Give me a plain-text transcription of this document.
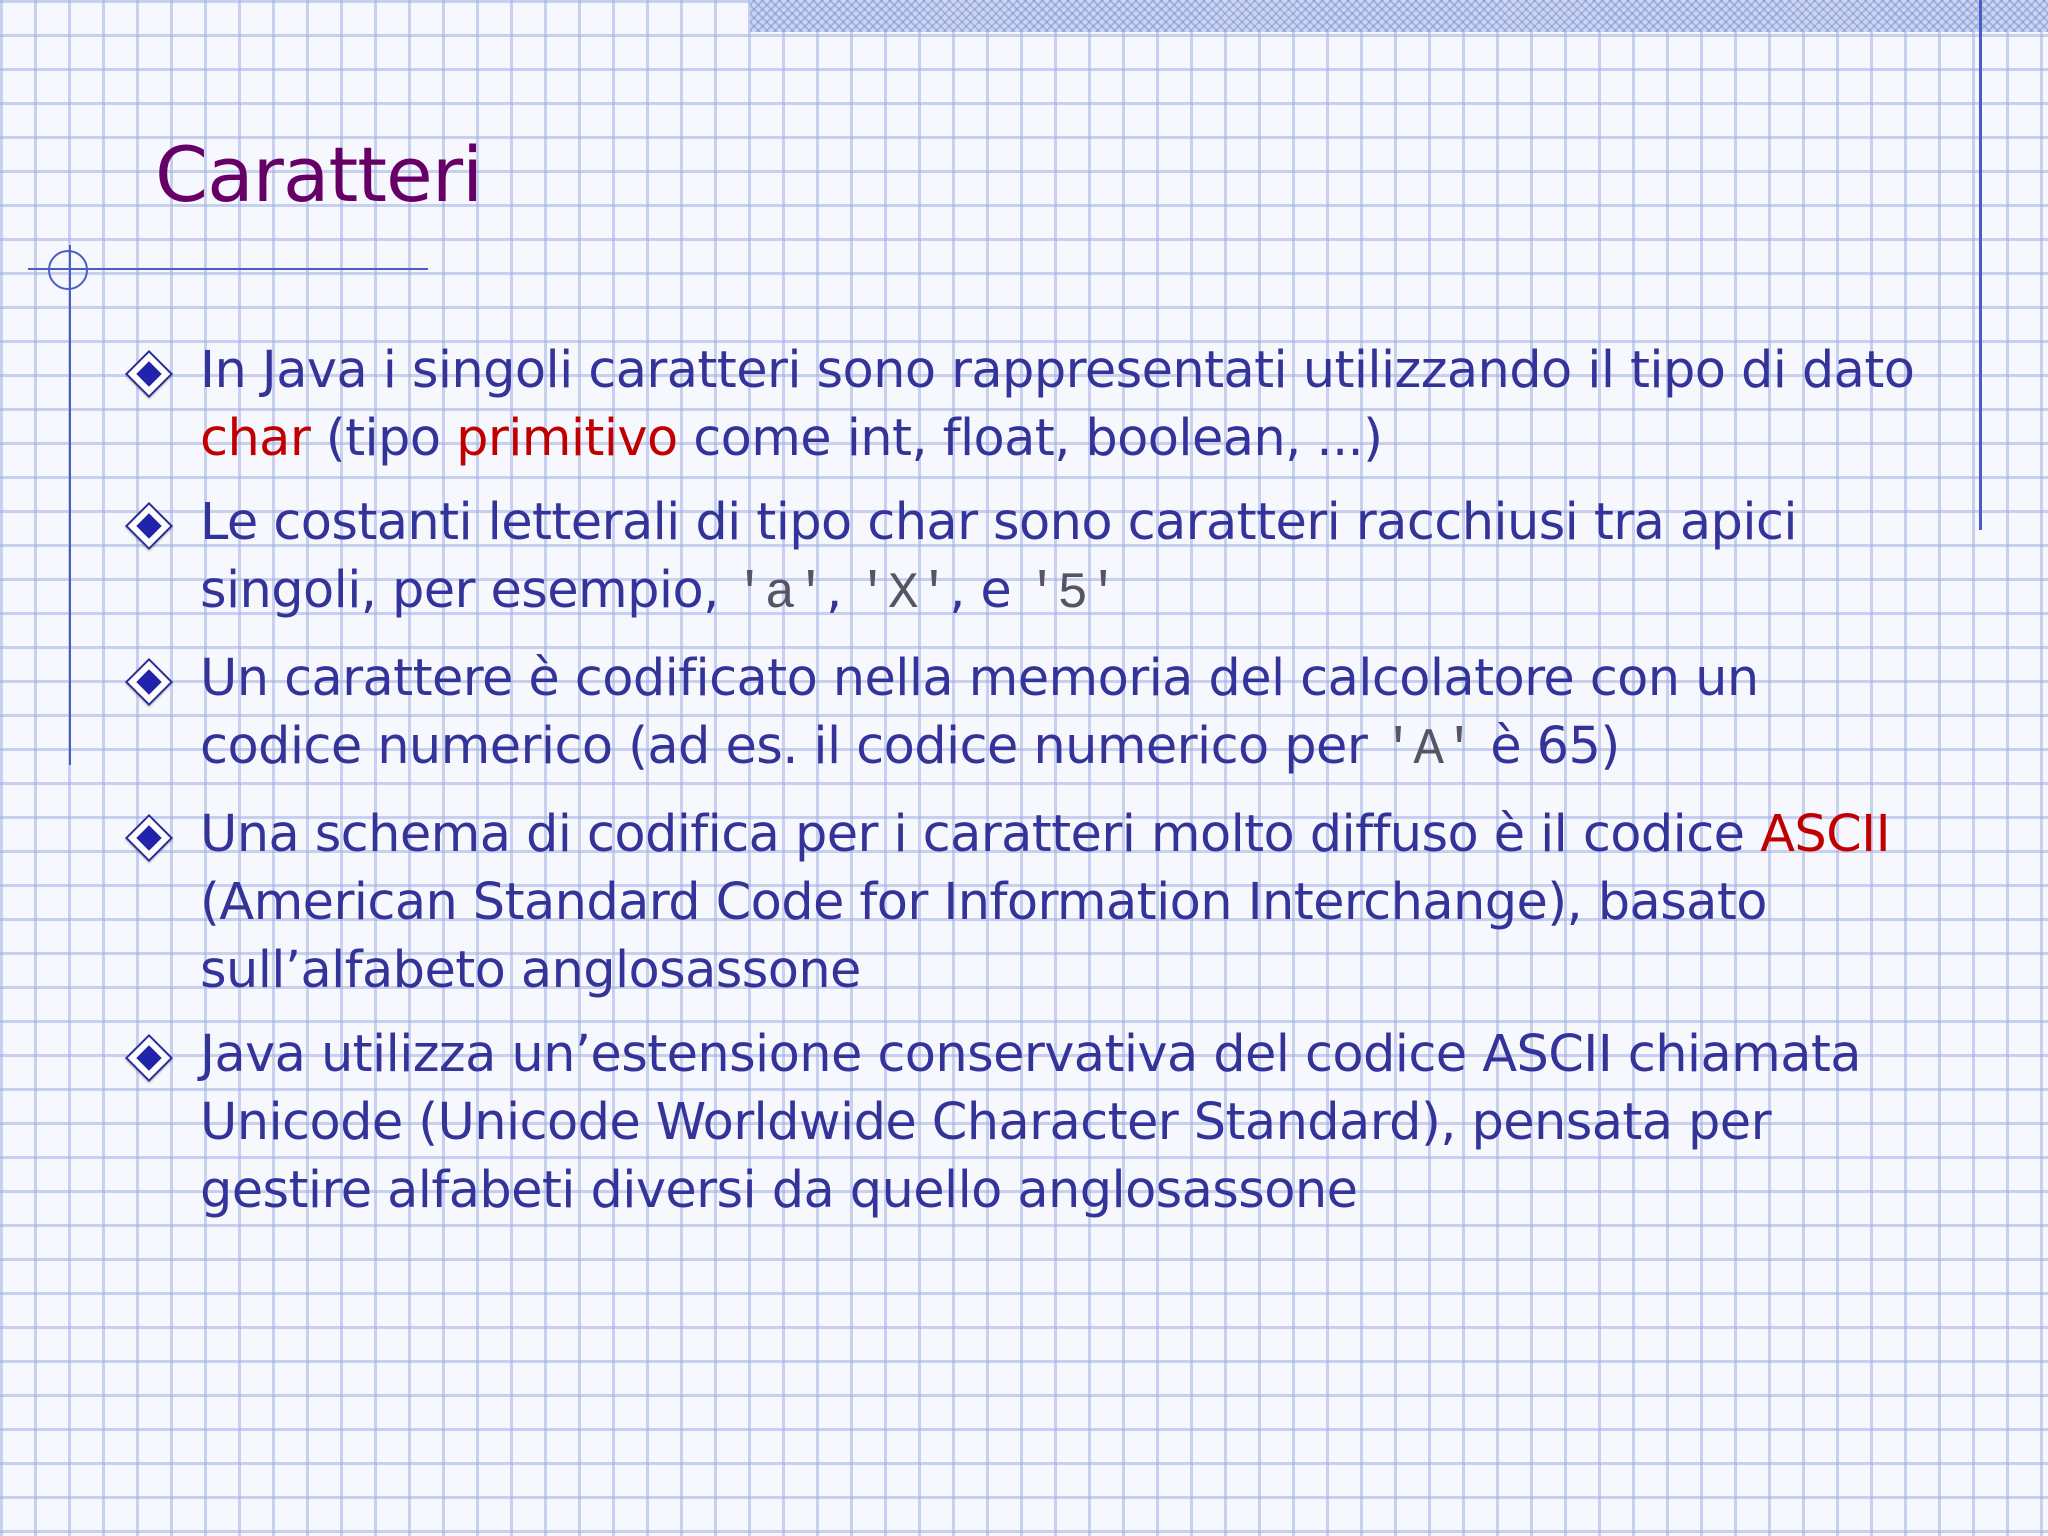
Caratteri
In Java i singoli caratteri sono rappresentati utilizzando il tipo di dato char (tipo primitivo come int, float, boolean, ...)
Le costanti letterali di tipo char sono caratteri racchiusi tra apici singoli, per esempio, 'a', 'X', e '5'
Un carattere è codificato nella memoria del calcolatore con un codice numerico (ad es. il codice numerico per 'A' è 65)
Una schema di codifica per i caratteri molto diffuso è il codice ASCII (American Standard Code for Information Interchange), basato sull’alfabeto anglosassone
Java utilizza un’estensione conservativa del codice ASCII chiamata Unicode (Unicode Worldwide Character Standard), pensata per gestire alfabeti diversi da quello anglosassone
